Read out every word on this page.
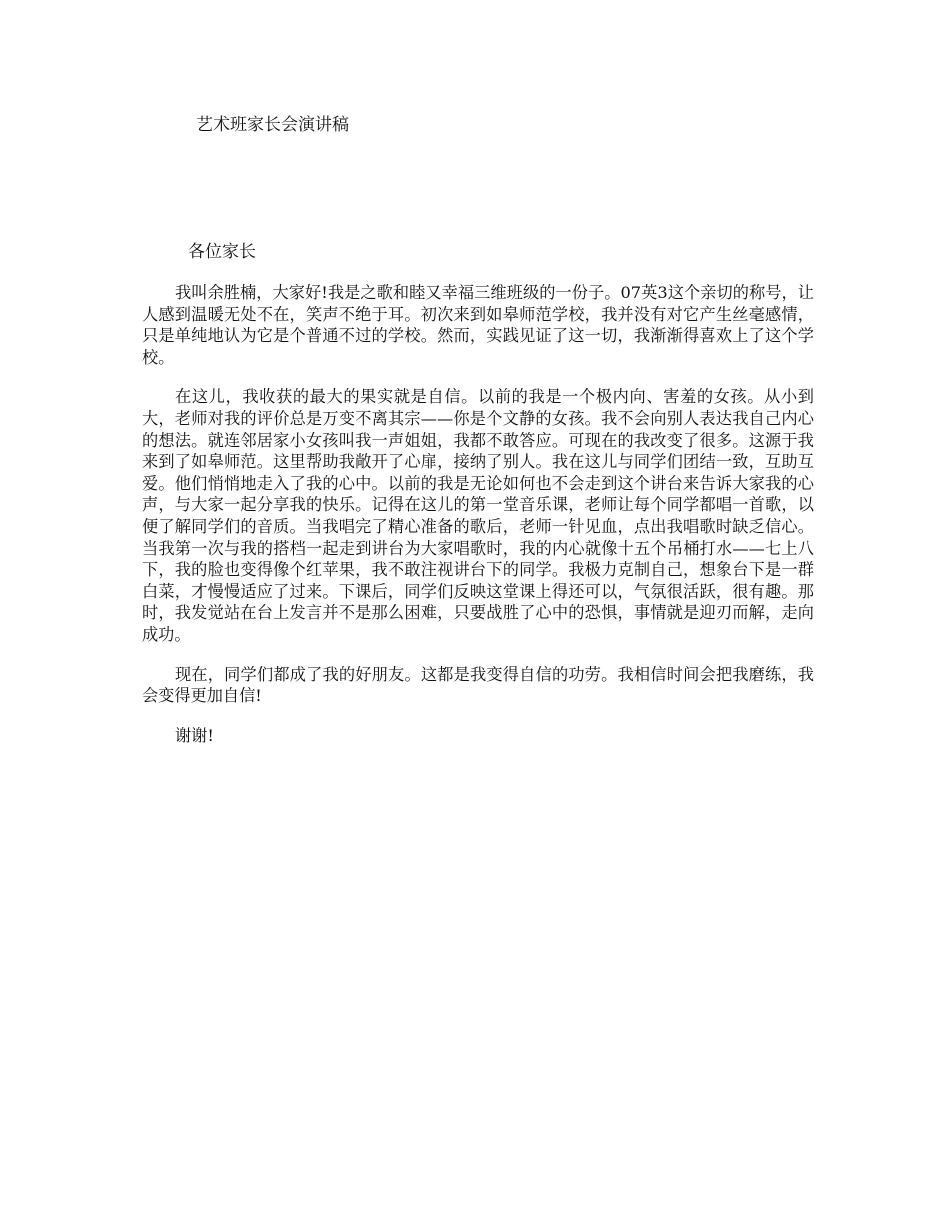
艺术班家长会演讲稿
各位家长

我叫余胜楠，大家好!我是之歌和睦又幸福三维班级的一份子。07英3这个亲切的称号，让人感到温暖无处不在，笑声不绝于耳。初次来到如皋师范学校，我并没有对它产生丝毫感情，只是单纯地认为它是个普通不过的学校。然而，实践见证了这一切，我渐渐得喜欢上了这个学校。

在这儿，我收获的最大的果实就是自信。以前的我是一个极内向、害羞的女孩。从小到大，老师对我的评价总是万变不离其宗——你是个文静的女孩。我不会向别人表达我自己内心的想法。就连邻居家小女孩叫我一声姐姐，我都不敢答应。可现在的我改变了很多。这源于我来到了如皋师范。这里帮助我敞开了心扉，接纳了别人。我在这儿与同学们团结一致，互助互爱。他们悄悄地走入了我的心中。以前的我是无论如何也不会走到这个讲台来告诉大家我的心声，与大家一起分享我的快乐。记得在这儿的第一堂音乐课，老师让每个同学都唱一首歌，以便了解同学们的音质。当我唱完了精心准备的歌后，老师一针见血，点出我唱歌时缺乏信心。当我第一次与我的搭档一起走到讲台为大家唱歌时，我的内心就像十五个吊桶打水——七上八下，我的脸也变得像个红苹果，我不敢注视讲台下的同学。我极力克制自己，想象台下是一群白菜，才慢慢适应了过来。下课后，同学们反映这堂课上得还可以，气氛很活跃，很有趣。那时，我发觉站在台上发言并不是那么困难，只要战胜了心中的恐惧，事情就是迎刃而解，走向成功。

现在，同学们都成了我的好朋友。这都是我变得自信的功劳。我相信时间会把我磨练，我会变得更加自信!

谢谢!
